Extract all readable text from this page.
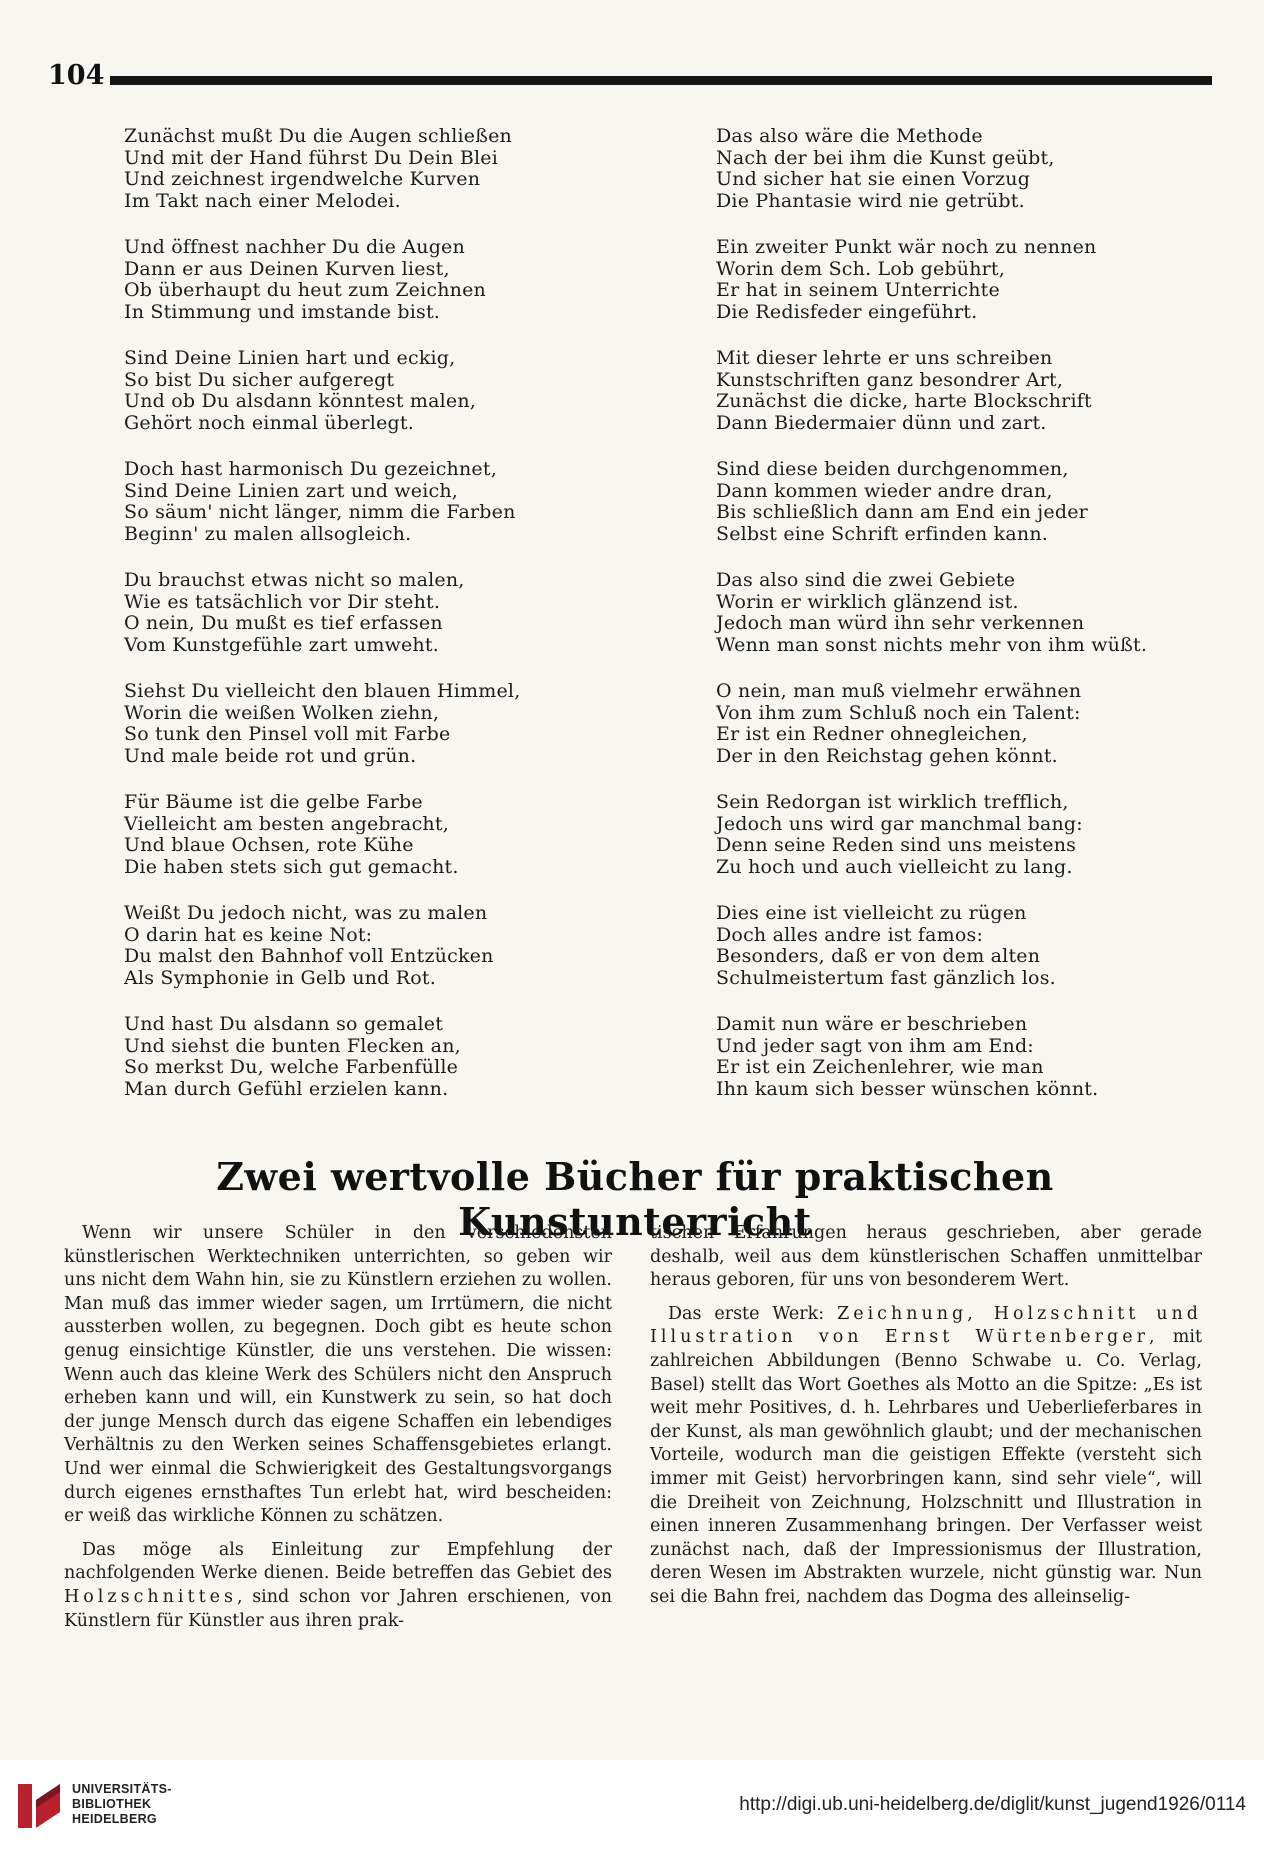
104
Zunächst mußt Du die Augen schließen
Und mit der Hand führst Du Dein Blei
Und zeichnest irgendwelche Kurven
Im Takt nach einer Melodei.
Und öffnest nachher Du die Augen
Dann er aus Deinen Kurven liest,
Ob überhaupt du heut zum Zeichnen
In Stimmung und imstande bist.
Sind Deine Linien hart und eckig,
So bist Du sicher aufgeregt
Und ob Du alsdann könntest malen,
Gehört noch einmal überlegt.
Doch hast harmonisch Du gezeichnet,
Sind Deine Linien zart und weich,
So säum' nicht länger, nimm die Farben
Beginn' zu malen allsogleich.
Du brauchst etwas nicht so malen,
Wie es tatsächlich vor Dir steht.
O nein, Du mußt es tief erfassen
Vom Kunstgefühle zart umweht.
Siehst Du vielleicht den blauen Himmel,
Worin die weißen Wolken ziehn,
So tunk den Pinsel voll mit Farbe
Und male beide rot und grün.
Für Bäume ist die gelbe Farbe
Vielleicht am besten angebracht,
Und blaue Ochsen, rote Kühe
Die haben stets sich gut gemacht.
Weißt Du jedoch nicht, was zu malen
O darin hat es keine Not:
Du malst den Bahnhof voll Entzücken
Als Symphonie in Gelb und Rot.
Und hast Du alsdann so gemalet
Und siehst die bunten Flecken an,
So merkst Du, welche Farbenfülle
Man durch Gefühl erzielen kann.
Das also wäre die Methode
Nach der bei ihm die Kunst geübt,
Und sicher hat sie einen Vorzug
Die Phantasie wird nie getrübt.
Ein zweiter Punkt wär noch zu nennen
Worin dem Sch. Lob gebührt,
Er hat in seinem Unterrichte
Die Redisfeder eingeführt.
Mit dieser lehrte er uns schreiben
Kunstschriften ganz besondrer Art,
Zunächst die dicke, harte Blockschrift
Dann Biedermaier dünn und zart.
Sind diese beiden durchgenommen,
Dann kommen wieder andre dran,
Bis schließlich dann am End ein jeder
Selbst eine Schrift erfinden kann.
Das also sind die zwei Gebiete
Worin er wirklich glänzend ist.
Jedoch man würd ihn sehr verkennen
Wenn man sonst nichts mehr von ihm wüßt.
O nein, man muß vielmehr erwähnen
Von ihm zum Schluß noch ein Talent:
Er ist ein Redner ohnegleichen,
Der in den Reichstag gehen könnt.
Sein Redorgan ist wirklich trefflich,
Jedoch uns wird gar manchmal bang:
Denn seine Reden sind uns meistens
Zu hoch und auch vielleicht zu lang.
Dies eine ist vielleicht zu rügen
Doch alles andre ist famos:
Besonders, daß er von dem alten
Schulmeistertum fast gänzlich los.
Damit nun wäre er beschrieben
Und jeder sagt von ihm am End:
Er ist ein Zeichenlehrer, wie man
Ihn kaum sich besser wünschen könnt.
Zwei wertvolle Bücher für praktischen Kunstunterricht

Wenn wir unsere Schüler in den verschiedensten künstlerischen Werktechniken unterrichten, so geben wir uns nicht dem Wahn hin, sie zu Künstlern erziehen zu wollen. Man muß das immer wieder sagen, um Irrtümern, die nicht aussterben wollen, zu begegnen. Doch gibt es heute schon genug einsichtige Künstler, die uns verstehen. Die wissen: Wenn auch das kleine Werk des Schülers nicht den Anspruch erheben kann und will, ein Kunstwerk zu sein, so hat doch der junge Mensch durch das eigene Schaffen ein lebendiges Verhältnis zu den Werken seines Schaffensgebietes erlangt. Und wer einmal die Schwierigkeit des Gestaltungsvorgangs durch eigenes ernsthaftes Tun erlebt hat, wird bescheiden: er weiß das wirkliche Können zu schätzen.

Das möge als Einleitung zur Empfehlung der nachfolgenden Werke dienen. Beide betreffen das Gebiet des Holzschnittes, sind schon vor Jahren erschienen, von Künstlern für Künstler aus ihren prak-

tischen Erfahrungen heraus geschrieben, aber gerade deshalb, weil aus dem künstlerischen Schaffen unmittelbar heraus geboren, für uns von besonderem Wert.

Das erste Werk: Zeichnung, Holzschnitt und Illustration von Ernst Würtenberger, mit zahlreichen Abbildungen (Benno Schwabe u. Co. Verlag, Basel) stellt das Wort Goethes als Motto an die Spitze: „Es ist weit mehr Positives, d. h. Lehrbares und Ueberlieferbares in der Kunst, als man gewöhnlich glaubt; und der mechanischen Vorteile, wodurch man die geistigen Effekte (versteht sich immer mit Geist) hervorbringen kann, sind sehr viele“, will die Dreiheit von Zeichnung, Holzschnitt und Illustration in einen inneren Zusammenhang bringen. Der Verfasser weist zunächst nach, daß der Impressionismus der Illustration, deren Wesen im Abstrakten wurzele, nicht günstig war. Nun sei die Bahn frei, nachdem das Dogma des alleinselig-

UNIVERSITÄTS-
BIBLIOTHEK
HEIDELBERG
http://digi.ub.uni-heidelberg.de/diglit/kunst_jugend1926/0114
